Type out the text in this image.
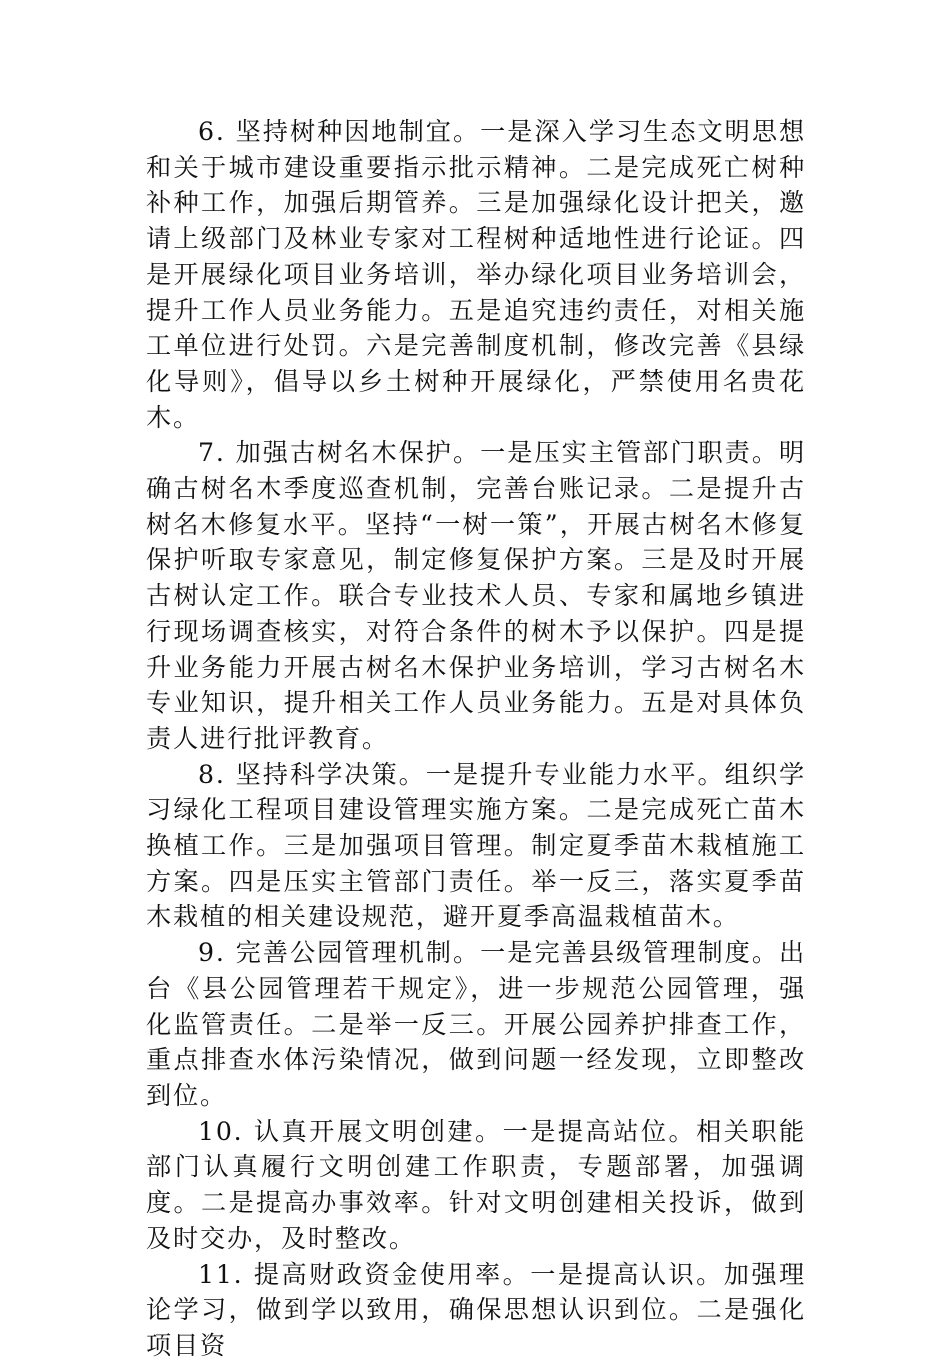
6. 坚持树种因地制宜。一是深入学习生态文明思想和关于城市建设重要指示批示精神。二是完成死亡树种补种工作，加强后期管养。三是加强绿化设计把关，邀请上级部门及林业专家对工程树种适地性进行论证。四是开展绿化项目业务培训，举办绿化项目业务培训会，提升工作人员业务能力。五是追究违约责任，对相关施工单位进行处罚。六是完善制度机制，修改完善《县绿化导则》，倡导以乡土树种开展绿化，严禁使用名贵花木。

7. 加强古树名木保护。一是压实主管部门职责。明确古树名木季度巡查机制，完善台账记录。二是提升古树名木修复水平。坚持“一树一策”，开展古树名木修复保护听取专家意见，制定修复保护方案。三是及时开展古树认定工作。联合专业技术人员、专家和属地乡镇进行现场调查核实，对符合条件的树木予以保护。四是提升业务能力开展古树名木保护业务培训，学习古树名木专业知识，提升相关工作人员业务能力。五是对具体负责人进行批评教育。

8. 坚持科学决策。一是提升专业能力水平。组织学习绿化工程项目建设管理实施方案。二是完成死亡苗木换植工作。三是加强项目管理。制定夏季苗木栽植施工方案。四是压实主管部门责任。举一反三，落实夏季苗木栽植的相关建设规范，避开夏季高温栽植苗木。

9. 完善公园管理机制。一是完善县级管理制度。出台《县公园管理若干规定》，进一步规范公园管理，强化监管责任。二是举一反三。开展公园养护排查工作，重点排查水体污染情况，做到问题一经发现，立即整改到位。

10. 认真开展文明创建。一是提高站位。相关职能部门认真履行文明创建工作职责，专题部署，加强调度。二是提高办事效率。针对文明创建相关投诉，做到及时交办，及时整改。

11. 提高财政资金使用率。一是提高认识。加强理论学习，做到学以致用，确保思想认识到位。二是强化项目资
